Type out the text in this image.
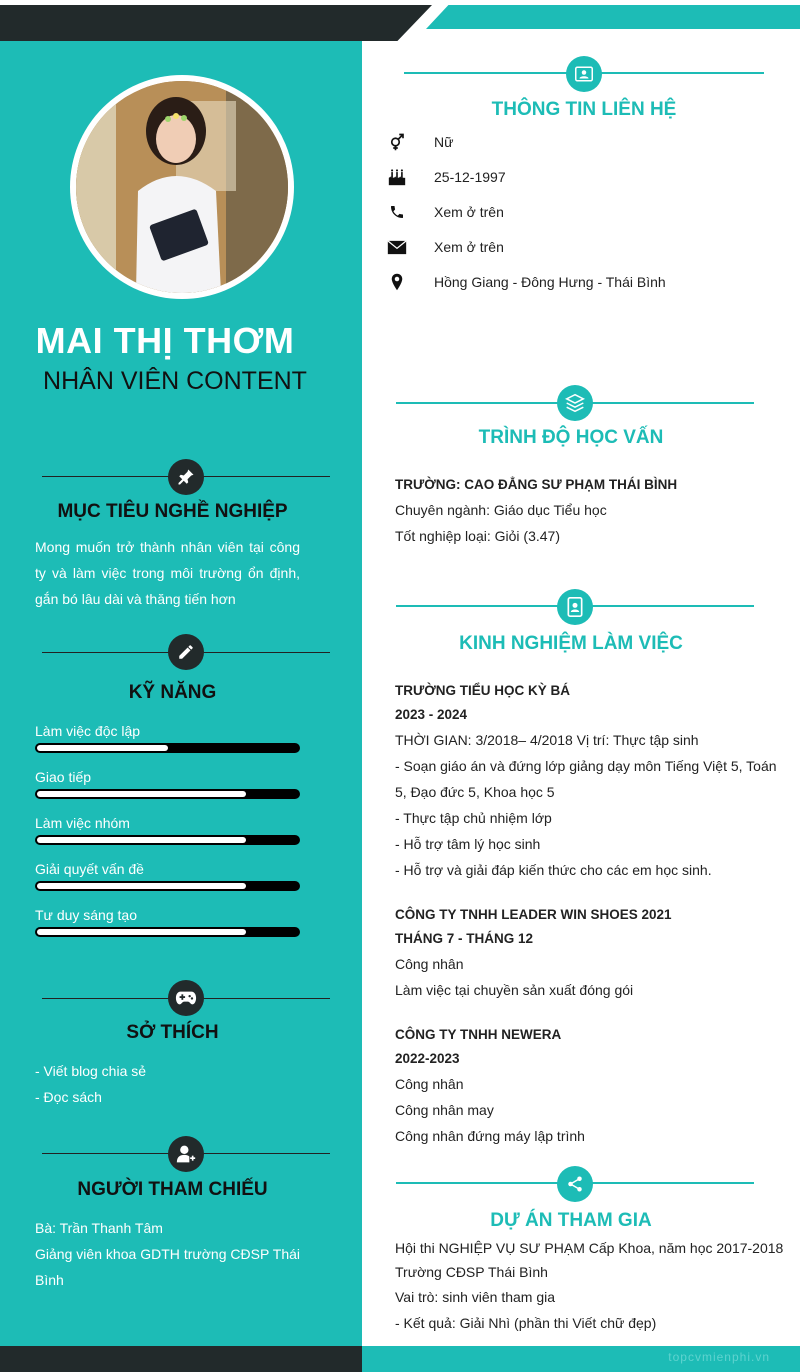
topcvmienphi.vn
MAI THỊ THƠM
NHÂN VIÊN CONTENT
MỤC TIÊU NGHỀ NGHIỆP
Mong muốn trở thành nhân viên tại công ty và làm việc trong môi trường ổn định, gắn bó lâu dài và thăng tiến hơn
KỸ NĂNG
Làm việc độc lập
Giao tiếp
Làm việc nhóm
Giải quyết vấn đề
Tư duy sáng tạo
SỞ THÍCH
- Viết blog chia sẻ
- Đọc sách
NGƯỜI THAM CHIẾU
Bà: Trần Thanh Tâm
Giảng viên khoa GDTH trường CĐSP Thái Bình
THÔNG TIN LIÊN HỆ
Nữ
25-12-1997
Xem ở trên
Xem ở trên
Hồng Giang - Đông Hưng - Thái Bình
TRÌNH ĐỘ HỌC VẤN
TRƯỜNG: CAO ĐẲNG SƯ PHẠM THÁI BÌNH
Chuyên ngành: Giáo dục Tiểu học
Tốt nghiệp loại: Giỏi (3.47)
KINH NGHIỆM LÀM VIỆC
TRƯỜNG TIỂU HỌC KỲ BÁ
2023 - 2024
THỜI GIAN: 3/2018– 4/2018 Vị trí: Thực tập sinh
- Soạn giáo án và đứng lớp giảng dạy môn Tiếng Việt 5, Toán 5, Đạo đức 5, Khoa học 5
- Thực tập chủ nhiệm lớp
- Hỗ trợ tâm lý học sinh
- Hỗ trợ và giải đáp kiến thức cho các em học sinh.
CÔNG TY TNHH LEADER WIN SHOES 2021
THÁNG 7 - THÁNG 12
Công nhân
Làm việc tại chuyền sản xuất đóng gói
CÔNG TY TNHH NEWERA
2022-2023
Công nhân
Công nhân may
Công nhân đứng máy lập trình
DỰ ÁN THAM GIA
Hội thi NGHIỆP VỤ SƯ PHẠM Cấp Khoa, năm học 2017-2018
Trường CĐSP Thái Bình
Vai trò: sinh viên tham gia
- Kết quả: Giải Nhì (phần thi Viết chữ đẹp)
